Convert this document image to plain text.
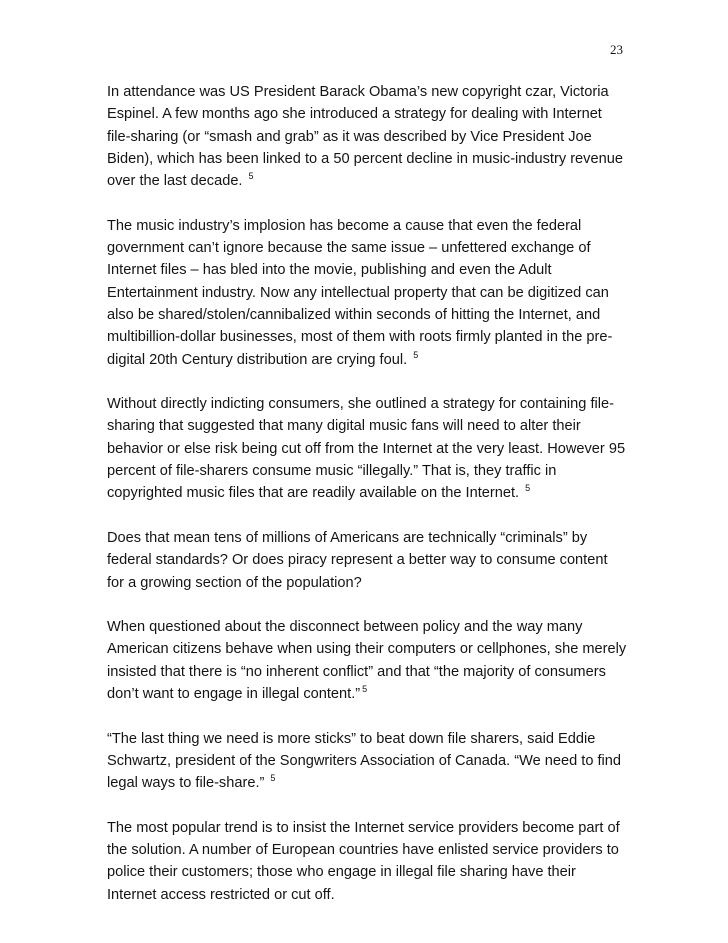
23

In attendance was US President Barack Obama’s new copyright czar, Victoria Espinel. A few months ago she introduced a strategy for dealing with Internet file-sharing (or “smash and grab” as it was described by Vice President Joe Biden), which has been linked to a 50 percent decline in music-industry revenue over the last decade. $^5$

The music industry’s implosion has become a cause that even the federal government can’t ignore because the same issue – unfettered exchange of Internet files – has bled into the movie, publishing and even the Adult Entertainment industry. Now any intellectual property that can be digitized can also be shared/stolen/cannibalized within seconds of hitting the Internet, and multibillion-dollar businesses, most of them with roots firmly planted in the pre-digital 20th Century distribution are crying foul. $^5$

Without directly indicting consumers, she outlined a strategy for containing file-sharing that suggested that many digital music fans will need to alter their behavior or else risk being cut off from the Internet at the very least. However 95 percent of file-sharers consume music “illegally.” That is, they traffic in copyrighted music files that are readily available on the Internet. $^5$

Does that mean tens of millions of Americans are technically “criminals” by federal standards? Or does piracy represent a better way to consume content for a growing section of the population?

When questioned about the disconnect between policy and the way many American citizens behave when using their computers or cellphones, she merely insisted that there is “no inherent conflict” and that “the majority of consumers don’t want to engage in illegal content.” $^5$

“The last thing we need is more sticks” to beat down file sharers, said Eddie Schwartz, president of the Songwriters Association of Canada. “We need to find legal ways to file-share.” $^5$

The most popular trend is to insist the Internet service providers become part of the solution. A number of European countries have enlisted service providers to police their customers; those who engage in illegal file sharing have their Internet access restricted or cut off.
